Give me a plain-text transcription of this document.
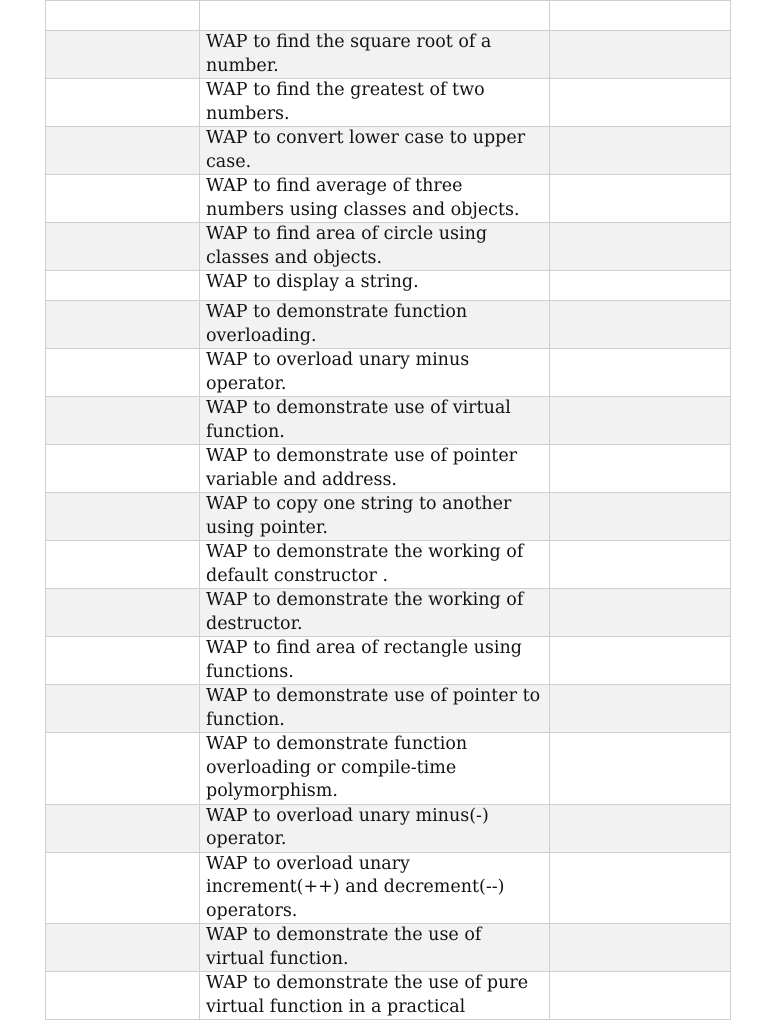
	WAP to find the square root of a number.	
	WAP to find the greatest of two numbers.	
	WAP to convert lower case to upper case.	
	WAP to find average of three numbers using classes and objects.	
	WAP to find area of circle using classes and objects.	
	WAP to display a string.	
	WAP to demonstrate function overloading.	
	WAP to overload unary minus operator.	
	WAP to demonstrate use of virtual function.	
	WAP to demonstrate use of pointer variable and address.	
	WAP to copy one string to another using pointer.	
	WAP to demonstrate the working of default constructor .	
	WAP to demonstrate the working of destructor.	
	WAP to find area of rectangle using functions.	
	WAP to demonstrate use of pointer to function.	
	WAP to demonstrate function overloading or compile-time polymorphism.	
	WAP to overload unary minus(-) operator.	
	WAP to overload unary increment(++) and decrement(--) operators.	
	WAP to demonstrate the use of virtual function.	
	WAP to demonstrate the use of pure virtual function in a practical	
